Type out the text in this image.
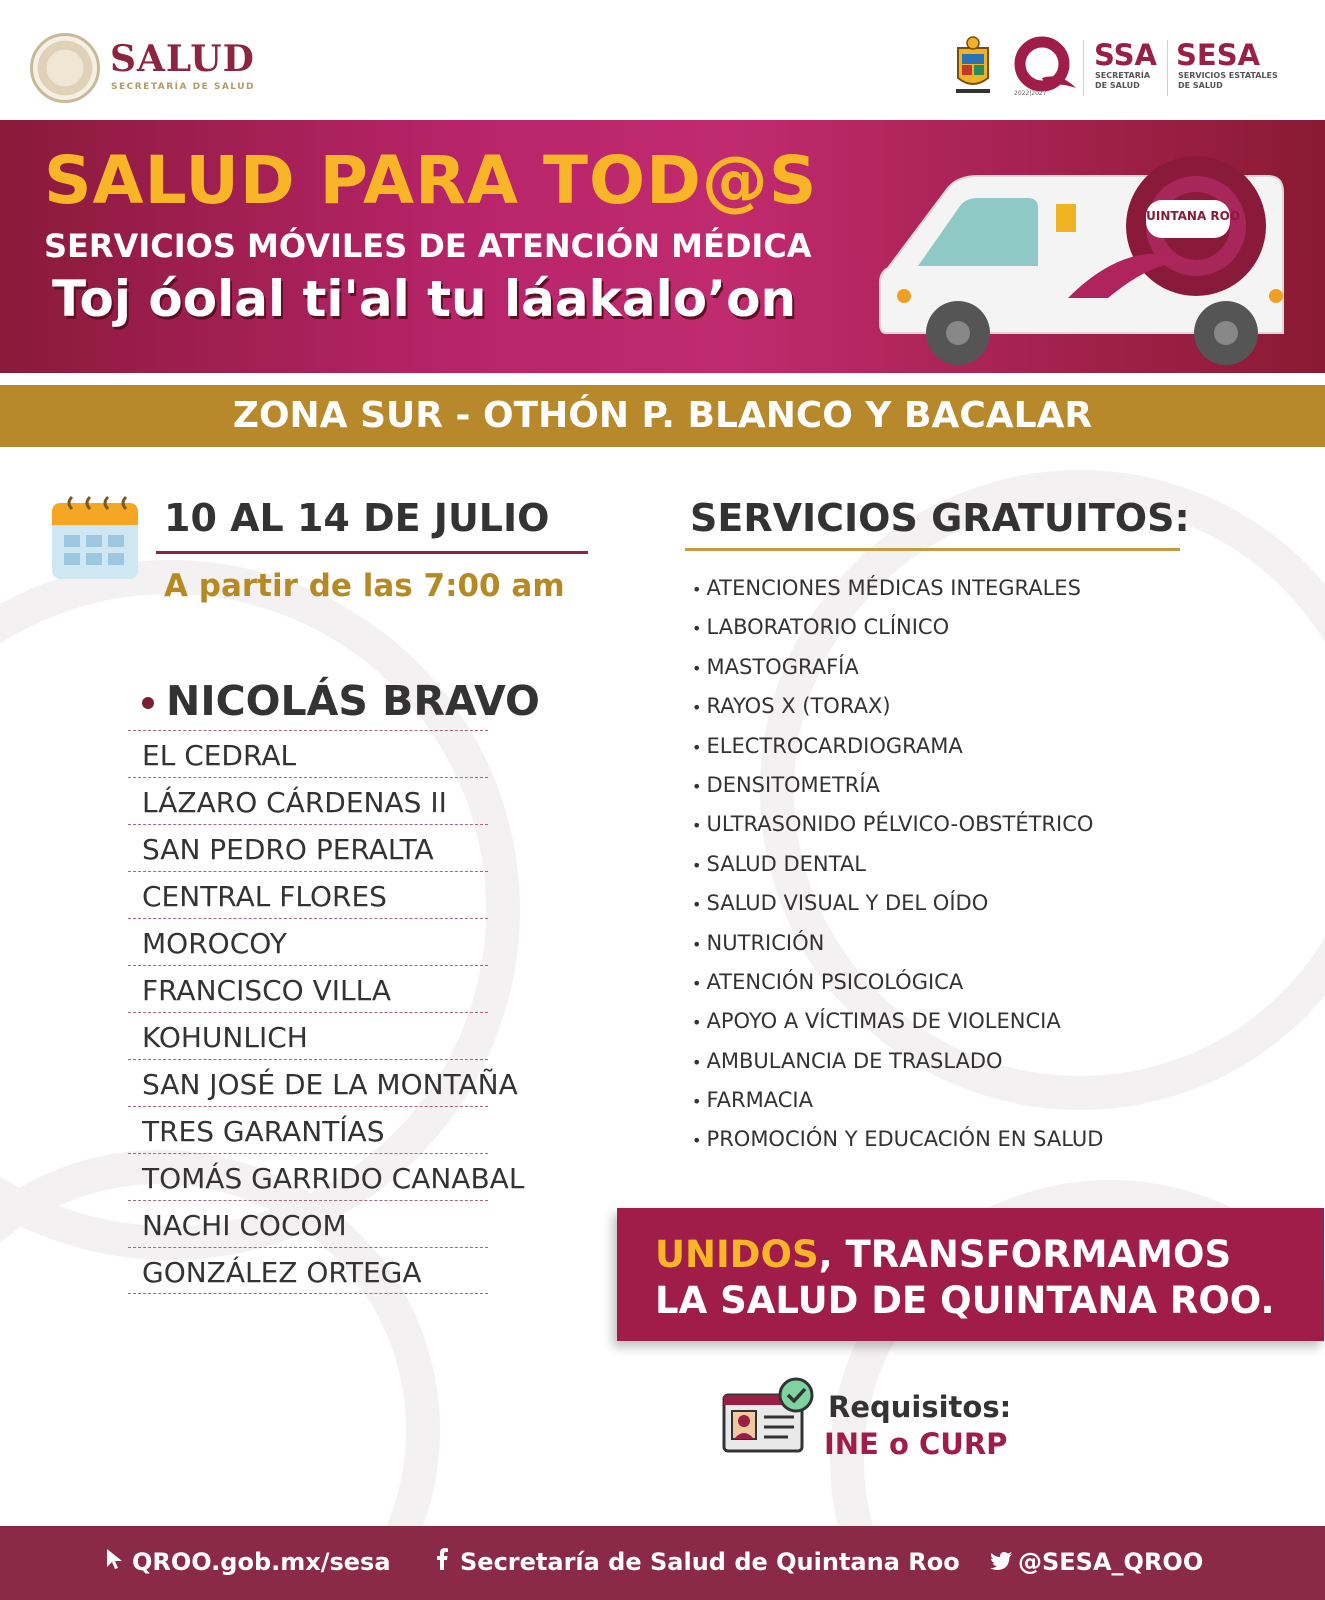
SALUD
SECRETARÍA DE SALUD
2022|2027
SSA
SECRETARÍA
DE SALUD
SESA
SERVICIOS ESTATALES
DE SALUD
SALUD PARA TOD@S
SERVICIOS MÓVILES DE ATENCIÓN MÉDICA
Toj óolal ti'al tu láakalo’on
QUINTANA ROO
ZONA SUR - OTHÓN P. BLANCO Y BACALAR
10 AL 14 DE JULIO
A partir de las 7:00 am
NICOLÁS BRAVO
EL CEDRAL
LÁZARO CÁRDENAS II
SAN PEDRO PERALTA
CENTRAL FLORES
MOROCOY
FRANCISCO VILLA
KOHUNLICH
SAN JOSÉ DE LA MONTAÑA
TRES GARANTÍAS
TOMÁS GARRIDO CANABAL
NACHI COCOM
GONZÁLEZ ORTEGA
SERVICIOS GRATUITOS:
• ATENCIONES MÉDICAS INTEGRALES
• LABORATORIO CLÍNICO
• MASTOGRAFÍA
• RAYOS X (TORAX)
• ELECTROCARDIOGRAMA
• DENSITOMETRÍA
• ULTRASONIDO PÉLVICO-OBSTÉTRICO
• SALUD DENTAL
• SALUD VISUAL Y DEL OÍDO
• NUTRICIÓN
• ATENCIÓN PSICOLÓGICA
• APOYO A VÍCTIMAS DE VIOLENCIA
• AMBULANCIA DE TRASLADO
• FARMACIA
• PROMOCIÓN Y EDUCACIÓN EN SALUD
UNIDOS, TRANSFORMAMOS
LA SALUD DE QUINTANA ROO.
Requisitos:
INE o CURP
QROO.gob.mx/sesa	Secretaría de Salud de Quintana Roo	@SESA_QROO
